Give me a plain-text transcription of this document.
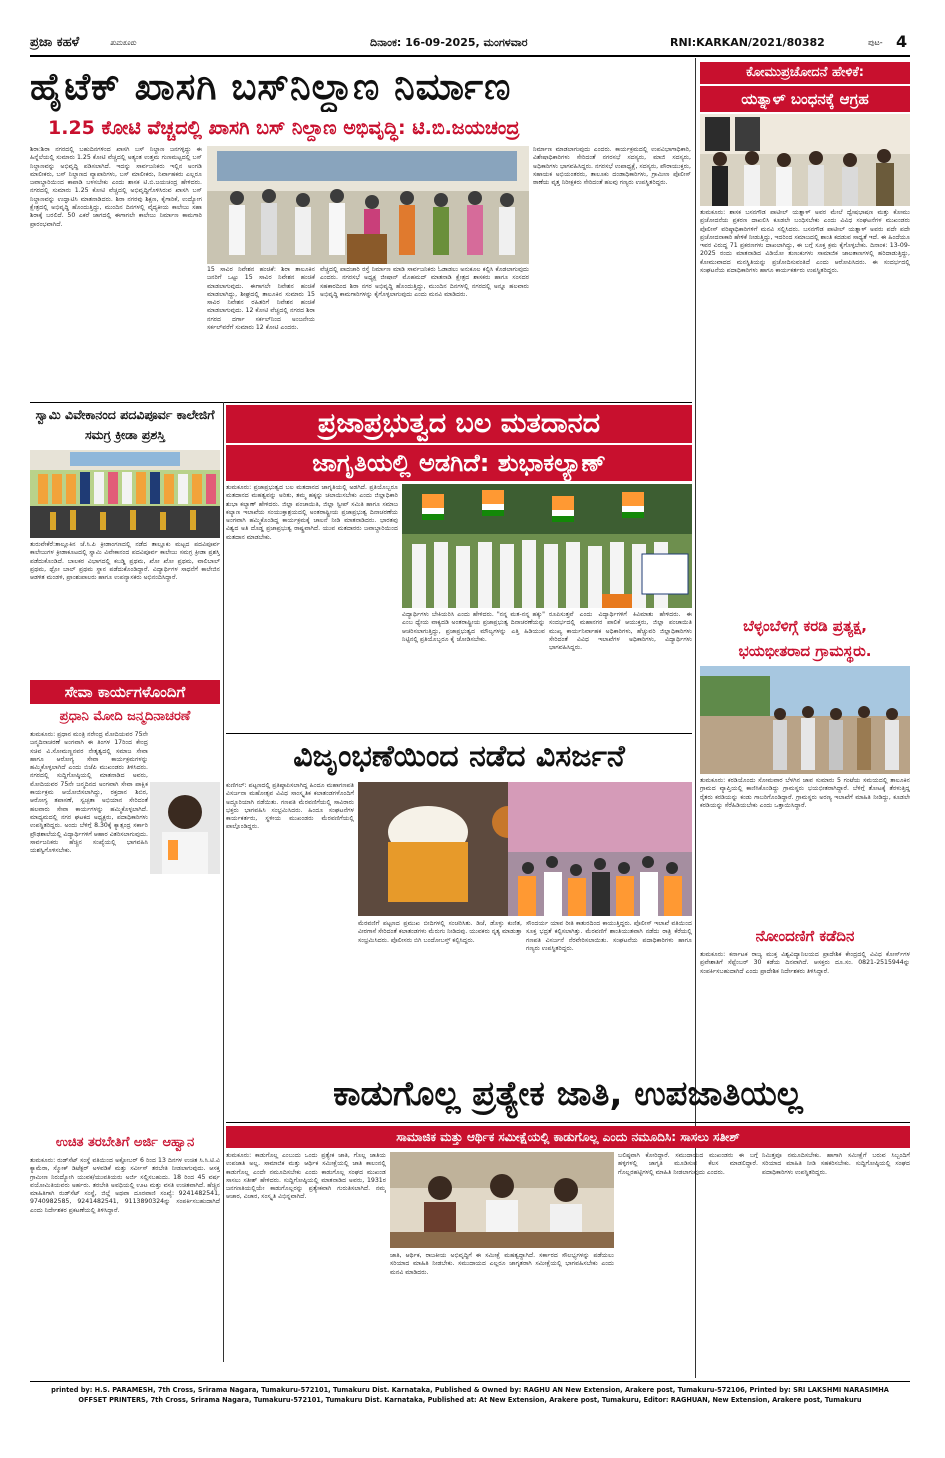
ಪ್ರಜಾ ಕಹಳೆ	ತುಮಕೂರು	ದಿನಾಂಕ: 16-09-2025, ಮಂಗಳವಾರ	RNI:KARKAN/2021/80382	ಪುಟ- 4
ಹೈಟೆಕ್ ಖಾಸಗಿ ಬಸ್‌ನಿಲ್ದಾಣ ನಿರ್ಮಾಣ
1.25 ಕೋಟಿ ವೆಚ್ಚದಲ್ಲಿ ಖಾಸಗಿ ಬಸ್ ನಿಲ್ದಾಣ ಅಭಿವೃದ್ಧಿ: ಟಿ.ಬಿ.ಜಯಚಂದ್ರ
ಶಿರಾ:ಶಿರಾ ನಗರದಲ್ಲಿ ಬಹುದಿನಗಳಿಂದ ಖಾಸಗಿ ಬಸ್ ನಿಲ್ದಾಣ ಜನಗಳ್ಳಿದ್ದು ಈ ಹಿನ್ನೆಲೆಯಲ್ಲಿ ಸುಮಾರು 1.25 ಕೋಟಿ ವೆಚ್ಚದಲ್ಲಿ ಅತ್ಯಂತ ಉತ್ತಮ ಗುಣಮಟ್ಟದಲ್ಲಿ ಬಸ್ ನಿಲ್ದಾಣವನ್ನು ಅಭಿವೃದ್ಧಿ ಪಡಿಸಲಾಗಿದೆ. ಇದನ್ನು ಸಾರ್ವಜನಿಕರು ಇಲ್ಲಿನ ಅಂಗಡಿ ಮಾಲೀಕರು, ಬಸ್ ನಿಲ್ದಾಣದ ವ್ಯಾಪಾರಿಗಳು, ಬಸ್ ಮಾಲೀಕರು, ನಿರ್ವಾಹಕರು ಎಲ್ಲರೂ ಜವಾಬ್ದಾರಿಯಿಂದ ಕಾಪಾಡಿ ಬಳಸಬೇಕು ಎಂದು ಶಾಸಕ ಟಿ.ಬಿ.ಜಯಚಂದ್ರ ಹೇಳಿದರು. ನಗರದಲ್ಲಿ ಸುಮಾರು 1.25 ಕೋಟಿ ವೆಚ್ಚದಲ್ಲಿ ಅಭಿವೃದ್ಧಿಗೊಳಿಸಿರುವ ಖಾಸಗಿ ಬಸ್ ನಿಲ್ದಾಣವನ್ನು ಉದ್ಘಾಟಿಸಿ ಮಾತನಾಡಿದರು. ಶಿರಾ ನಗರವು ಶಿಕ್ಷಣ, ಕೈಗಾರಿಕೆ, ಉದ್ಯೋಗ ಕ್ಷೇತ್ರದಲ್ಲಿ ಅಭಿವೃದ್ಧಿ ಹೊಂದುತ್ತಿದ್ದು, ಮುಂದಿನ ದಿನಗಳಲ್ಲಿ ವೈದ್ಯಕೀಯ ಕಾಲೇಜು ಸಹಾ ಶಿರಾಕ್ಕೆ ಬರಲಿದೆ. 50 ಎಕರೆ ಜಾಗದಲ್ಲಿ ಈಗಾಗಲೇ ಕಾಲೇಜು ನಿರ್ಮಾಣ ಕಾಮಗಾರಿ ಪ್ರಾರಂಭವಾಗಿದೆ.
15 ಸಾವಿರ ನಿವೇಶನ ಹಂಚಿಕೆ: ಶಿರಾ ತಾಲೂಕಿನ ಜನರಿಗೆ ಒಟ್ಟು 15 ಸಾವಿರ ನಿವೇಶನ ಹಂಚಿಕೆ ಮಾಡಲಾಗುವುದು. ಈಗಾಗಲೇ ನಿವೇಶನ ಹಂಚಿಕೆ ಮಾಡಲಾಗಿದ್ದು, ಶೀಘ್ರದಲ್ಲಿ ತಾಲೂಕಿನ ಸುಮಾರು 15 ಸಾವಿರ ನಿವೇಶನ ರಹಿತರಿಗೆ ನಿವೇಶನ ಹಂಚಿಕೆ ಮಾಡಲಾಗುವುದು. 12 ಕೋಟಿ ವೆಚ್ಚದಲ್ಲಿ ನಗರದ ಶಿರಾ ನಗರದ ದರ್ಗಾ ಸರ್ಕಲ್‌ನಿಂದ ಅಂಜನೇಯ ಸರ್ಕಲ್‌ವರೆಗೆ ಸುಮಾರು 12 ಕೋಟಿ ಎಂದರು.
ವೆಚ್ಚದಲ್ಲಿ ಪಾದಚಾರಿ ರಸ್ತೆ ನಿರ್ಮಾಣ ಮಾಡಿ ಸಾರ್ವಜನಿಕರು ಓಡಾಡಲು ಅನುಕೂಲ ಕಲ್ಪಿಸಿ ಕೊಡಲಾಗುವುದು ಎಂದರು. ನಗರಸಭೆ ಅಧ್ಯಕ್ಷ ಜೀಷಾನ್ ಮೊಹಮದ್ ಮಾತನಾಡಿ ಕ್ಷೇತ್ರದ ಶಾಸಕರು ಹಾಗೂ ಸಂಸದರ ಸಹಕಾರದಿಂದ ಶಿರಾ ನಗರ ಅಭಿವೃದ್ಧಿ ಹೊಂದುತ್ತಿದ್ದು, ಮುಂದಿನ ದಿನಗಳಲ್ಲಿ ನಗರದಲ್ಲಿ ಅನ್ನೂ ಹಲವಾರು ಅಭಿವೃದ್ಧಿ ಕಾಮಗಾರಿಗಳನ್ನು ಕೈಗೊಳ್ಳಲಾಗುವುದು ಎಂದು ಮನವಿ ಮಾಡಿದರು.
ನಿರ್ಮಾಣ ಮಾಡಲಾಗುವುದು ಎಂದರು. ಕಾರ್ಯಕ್ರಮದಲ್ಲಿ ಉಪವಿಭಾಗಾಧಿಕಾರಿ, ವಿಶೇಷಾಧಿಕಾರಿಗಳು ಸೇರಿದಂತೆ ನಗರಸಭೆ ಸದಸ್ಯರು, ಮಾಜಿ ಸದಸ್ಯರು, ಅಧಿಕಾರಿಗಳು ಭಾಗವಹಿಸಿದ್ದರು. ನಗರಸಭೆ ಉಪಾಧ್ಯಕ್ಷೆ, ಸದಸ್ಯರು, ಪೌರಾಯುಕ್ತರು, ಸಹಾಯಕ ಅಭಿಯಂತರರು, ತಾಲೂಕು ದಂಡಾಧಿಕಾರಿಗಳು, ಗ್ರಾಮೀಣ ಪೊಲೀಸ್ ಠಾಣೆಯ ವೃತ್ತ ನಿರೀಕ್ಷಕರು ಸೇರಿದಂತೆ ಹಲವು ಗಣ್ಯರು ಉಪಸ್ಥಿತರಿದ್ದರು.
ಕೋಮುಪ್ರಚೋದನೆ ಹೇಳಿಕೆ:
ಯತ್ನಾಳ್ ಬಂಧನಕ್ಕೆ ಆಗ್ರಹ
ತುಮಕೂರು: ಶಾಸಕ ಬಸನಗೌಡ ಪಾಟೀಲ್ ಯತ್ನಾಳ್ ಅವರ ಮೇಲೆ ದ್ವೇಷಭಾಷಣ ಮತ್ತು ಕೋಮು ಪ್ರಚೋದನೆಯ ಪ್ರಕರಣ ದಾಖಲಿಸಿ ಕೂಡಲೇ ಬಂಧಿಸಬೇಕು ಎಂದು ವಿವಿಧ ಸಂಘಟನೆಗಳ ಮುಖಂಡರು ಪೊಲೀಸ್ ವರಿಷ್ಠಾಧಿಕಾರಿಗಳಿಗೆ ಮನವಿ ಸಲ್ಲಿಸಿದರು. ಬಸನಗೌಡ ಪಾಟೀಲ್ ಯತ್ನಾಳ್ ಅವರು ಪದೇ ಪದೇ ಪ್ರಚೋದನಾಕಾರಿ ಹೇಳಿಕೆ ನೀಡುತ್ತಿದ್ದು, ಇದರಿಂದ ಸಮಾಜದಲ್ಲಿ ಶಾಂತಿ ಕದಡುವ ಸಾಧ್ಯತೆ ಇದೆ. ಈ ಹಿಂದೆಯೂ ಇವರ ವಿರುದ್ಧ 71 ಪ್ರಕರಣಗಳು ದಾಖಲಾಗಿದ್ದು, ಈ ಬಗ್ಗೆ ಸೂಕ್ತ ಕ್ರಮ ಕೈಗೊಳ್ಳಬೇಕು. ದಿನಾಂಕ: 13-09-2025 ರಂದು ಮಾತನಾಡಿದ ವಿಡಿಯೋ ತುಣುಕುಗಳು ಸಾಮಾಜಿಕ ಜಾಲತಾಣಗಳಲ್ಲಿ ಹರಿದಾಡುತ್ತಿದ್ದು, ಕೋಮುವಾದದ ಮನಸ್ಥಿತಿಯನ್ನು ಪ್ರಚೋದಿಸುವಂತಿದೆ ಎಂದು ಆರೋಪಿಸಿದರು. ಈ ಸಂದರ್ಭದಲ್ಲಿ ಸಂಘಟನೆಯ ಪದಾಧಿಕಾರಿಗಳು ಹಾಗೂ ಕಾರ್ಯಕರ್ತರು ಉಪಸ್ಥಿತರಿದ್ದರು.
ಸ್ವಾಮಿ ವಿವೇಕಾನಂದ ಪದವಿಪೂರ್ವ ಕಾಲೇಜಿಗೆ ಸಮಗ್ರ ಕ್ರೀಡಾ ಪ್ರಶಸ್ತಿ
ತುರುವೇಕೆರೆ:ತಾಲ್ಲೂಕಿನ ಜೆ.ಸಿ.ಪಿ ಕ್ರೀಡಾಂಗಣದಲ್ಲಿ ನಡೆದ ತಾಲ್ಲೂಕು ಮಟ್ಟದ ಪದವಿಪೂರ್ವ ಕಾಲೇಜುಗಳ ಕ್ರೀಡಾಕೂಟದಲ್ಲಿ ಸ್ವಾಮಿ ವಿವೇಕಾನಂದ ಪದವಿಪೂರ್ವ ಕಾಲೇಜು ಸಮಗ್ರ ಕ್ರೀಡಾ ಪ್ರಶಸ್ತಿ ಪಡೆದುಕೊಂಡಿದೆ. ಬಾಲಕರ ವಿಭಾಗದಲ್ಲಿ ಕಬಡ್ಡಿ ಪ್ರಥಮ, ಖೋ ಖೋ ಪ್ರಥಮ, ವಾಲಿಬಾಲ್ ಪ್ರಥಮ, ಥ್ರೋ ಬಾಲ್ ಪ್ರಥಮ ಸ್ಥಾನ ಪಡೆದುಕೊಂಡಿದ್ದಾರೆ. ವಿದ್ಯಾರ್ಥಿಗಳ ಸಾಧನೆಗೆ ಕಾಲೇಜಿನ ಆಡಳಿತ ಮಂಡಳಿ, ಪ್ರಾಂಶುಪಾಲರು ಹಾಗೂ ಉಪನ್ಯಾಸಕರು ಅಭಿನಂದಿಸಿದ್ದಾರೆ.
ಪ್ರಜಾಪ್ರಭುತ್ವದ ಬಲ ಮತದಾನದ
ಜಾಗೃತಿಯಲ್ಲಿ ಅಡಗಿದೆ: ಶುಭಾಕಲ್ಯಾಣ್
ತುಮಕೂರು: ಪ್ರಜಾಪ್ರಭುತ್ವದ ಬಲ ಮತದಾನದ ಜಾಗೃತಿಯಲ್ಲಿ ಅಡಗಿದೆ. ಪ್ರತಿಯೊಬ್ಬರೂ ಮತದಾನದ ಮಹತ್ವವನ್ನು ಅರಿತು, ತಮ್ಮ ಹಕ್ಕನ್ನು ಚಲಾಯಿಸಬೇಕು ಎಂದು ಜಿಲ್ಲಾಧಿಕಾರಿ ಶುಭಾ ಕಲ್ಯಾಣ್ ಹೇಳಿದರು. ಜಿಲ್ಲಾ ಪಂಚಾಯಿತಿ, ಜಿಲ್ಲಾ ಸ್ವೀಪ್ ಸಮಿತಿ ಹಾಗೂ ಸಮಾಜ ಕಲ್ಯಾಣ ಇಲಾಖೆಯ ಸಂಯುಕ್ತಾಶ್ರಯದಲ್ಲಿ ಅಂತರಾಷ್ಟ್ರೀಯ ಪ್ರಜಾಪ್ರಭುತ್ವ ದಿನಾಚರಣೆಯ ಅಂಗವಾಗಿ ಹಮ್ಮಿಕೊಂಡಿದ್ದ ಕಾರ್ಯಕ್ರಮಕ್ಕೆ ಚಾಲನೆ ನೀಡಿ ಮಾತನಾಡಿದರು. ಭಾರತವು ವಿಶ್ವದ ಅತಿ ದೊಡ್ಡ ಪ್ರಜಾಪ್ರಭುತ್ವ ರಾಷ್ಟ್ರವಾಗಿದೆ. ಯುವ ಮತದಾರರು ಜವಾಬ್ದಾರಿಯಿಂದ ಮತದಾನ ಮಾಡಬೇಕು.
ವಿದ್ಯಾರ್ಥಿಗಳು ಬೇಕಿಯರಿಸಿ ಎಂದು ಹೇಳಿದರು. "ನನ್ನ ಮತ-ನನ್ನ ಹಕ್ಕು" ಎಂಬ ಧ್ಯೇಯ ವಾಕ್ಯದಡಿ ಅಂತರಾಷ್ಟ್ರೀಯ ಪ್ರಜಾಪ್ರಭುತ್ವ ದಿನಾಚರಣೆಯನ್ನು ಆಚರಿಸಲಾಗುತ್ತಿದ್ದು, ಪ್ರಜಾಪ್ರಭುತ್ವದ ಮೌಲ್ಯಗಳನ್ನು ಎತ್ತಿ ಹಿಡಿಯುವ ನಿಟ್ಟಿನಲ್ಲಿ ಪ್ರತಿಯೊಬ್ಬರೂ ಕೈ ಜೋಡಿಸಬೇಕು.
ರೂಪಿಸುತ್ತವೆ ಎಂದು ವಿದ್ಯಾರ್ಥಿಗಳಿಗೆ ಕಿವಿಮಾತು ಹೇಳಿದರು. ಈ ಸಂದರ್ಭದಲ್ಲಿ ಮಹಾನಗರ ಪಾಲಿಕೆ ಆಯುಕ್ತರು, ಜಿಲ್ಲಾ ಪಂಚಾಯಿತಿ ಮುಖ್ಯ ಕಾರ್ಯನಿರ್ವಾಹಕ ಅಧಿಕಾರಿಗಳು, ಹೆಚ್ಚುವರಿ ಜಿಲ್ಲಾಧಿಕಾರಿಗಳು ಸೇರಿದಂತೆ ವಿವಿಧ ಇಲಾಖೆಗಳ ಅಧಿಕಾರಿಗಳು, ವಿದ್ಯಾರ್ಥಿಗಳು ಭಾಗವಹಿಸಿದ್ದರು.
ಸೇವಾ ಕಾರ್ಯಗಳೊಂದಿಗೆ
ಪ್ರಧಾನಿ ಮೋದಿ ಜನ್ಮದಿನಾಚರಣೆ
ತುಮಕೂರು: ಪ್ರಧಾನ ಮಂತ್ರಿ ನರೇಂದ್ರ ಮೋದಿಯವರ 75ನೇ ಜನ್ಮದಿನಾಚರಣೆ ಅಂಗವಾಗಿ ಈ ತಿಂಗಳ 17ರಿಂದ ಕೇಂದ್ರ ಸಚಿವ ವಿ.ಸೋಮಣ್ಣನವರ ನೇತೃತ್ವದಲ್ಲಿ ಸಮಾಜ ಸೇವಾ ಹಾಗೂ ಆರೋಗ್ಯ ಸೇವಾ ಕಾರ್ಯಕ್ರಮಗಳನ್ನು ಹಮ್ಮಿಕೊಳ್ಳಲಾಗಿದೆ ಎಂದು ಬಿಜೆಪಿ ಮುಖಂಡರು ತಿಳಿಸಿದರು. ನಗರದಲ್ಲಿ ಸುದ್ದಿಗೋಷ್ಠಿಯಲ್ಲಿ ಮಾತನಾಡಿದ ಅವರು, ಮೋದಿಯವರ 75ನೇ ಜನ್ಮದಿನದ ಅಂಗವಾಗಿ ಸೇವಾ ಪಾಕ್ಷಿಕ ಕಾರ್ಯಕ್ರಮ ಆಯೋಜಿಸಲಾಗಿದ್ದು, ರಕ್ತದಾನ ಶಿಬಿರ, ಆರೋಗ್ಯ ತಪಾಸಣೆ, ಸ್ವಚ್ಛತಾ ಅಭಿಯಾನ ಸೇರಿದಂತೆ ಹಲವಾರು ಸೇವಾ ಕಾರ್ಯಗಳನ್ನು ಹಮ್ಮಿಕೊಳ್ಳಲಾಗಿದೆ. ಮಾಧ್ಯಮದಲ್ಲಿ ನಗರ ಘಟಕದ ಅಧ್ಯಕ್ಷರು, ಪದಾಧಿಕಾರಿಗಳು ಉಪಸ್ಥಿತರಿದ್ದರು. ಅಂದು ಬೆಳಿಗ್ಗೆ 8.30ಕ್ಕೆ ಕ್ಯಾತ್ಸಂದ್ರ ಸರ್ಕಾರಿ ಪ್ರೌಢಶಾಲೆಯಲ್ಲಿ ವಿದ್ಯಾರ್ಥಿಗಳಿಗೆ ಆಹಾರ ವಿತರಿಸಲಾಗುವುದು. ಸಾರ್ವಜನಿಕರು ಹೆಚ್ಚಿನ ಸಂಖ್ಯೆಯಲ್ಲಿ ಭಾಗವಹಿಸಿ ಯಶಸ್ವಿಗೊಳಿಸಬೇಕು.
ಉಚಿತ ತರಬೇತಿಗೆ ಅರ್ಜಿ ಆಹ್ವಾನ
ತುಮಕೂರು: ರುಡ್‌ಸೆಟ್ ಸಂಸ್ಥೆ ವತಿಯಿಂದ ಅಕ್ಟೋಬರ್ 6 ರಿಂದ 13 ದಿನಗಳ ಉಚಿತ ಸಿ.ಸಿ.ಟಿ.ವಿ ಕ್ಯಾಮೆರಾ, ಸ್ಮೋಕ್ ಡಿಟೆಕ್ಟರ್ ಅಳವಡಿಕೆ ಮತ್ತು ಸರ್ವೀಸ್ ತರಬೇತಿ ನೀಡಲಾಗುವುದು. ಆಸಕ್ತ ಗ್ರಾಮೀಣ ನಿರುದ್ಯೋಗಿ ಯುವಕ/ಯುವತಿಯರು ಅರ್ಜಿ ಸಲ್ಲಿಸಬಹುದು. 18 ರಿಂದ 45 ವರ್ಷ ವಯೋಮಿತಿಯವರು ಅರ್ಹರು. ತರಬೇತಿ ಅವಧಿಯಲ್ಲಿ ಊಟ ಮತ್ತು ವಸತಿ ಉಚಿತವಾಗಿದೆ. ಹೆಚ್ಚಿನ ಮಾಹಿತಿಗಾಗಿ ರುಡ್‌ಸೆಟ್ ಸಂಸ್ಥೆ, ಜಿಲ್ಲೆ ಅಥವಾ ದೂರವಾಣಿ ಸಂಖ್ಯೆ: 9241482541, 9740982585, 9241482541, 9113890324ನ್ನು ಸಂಪರ್ಕಿಸಬಹುದಾಗಿದೆ ಎಂದು ನಿರ್ದೇಶಕರ ಪ್ರಕಟಣೆಯಲ್ಲಿ ತಿಳಿಸಿದ್ದಾರೆ.
ವಿಜೃಂಭಣೆಯಿಂದ ನಡೆದ ವಿಸರ್ಜನೆ
ಕುಣಿಗಲ್: ಪಟ್ಟಣದಲ್ಲಿ ಪ್ರತಿಷ್ಠಾಪಿಸಲಾಗಿದ್ದ ಹಿಂದೂ ಮಹಾಗಣಪತಿ ವಿಸರ್ಜನಾ ಮಹೋತ್ಸವ ವಿವಿಧ ಸಾಂಸ್ಕೃತಿಕ ಕಲಾತಂಡಗಳೊಂದಿಗೆ ಅದ್ದೂರಿಯಾಗಿ ನಡೆಯಿತು. ಗಣಪತಿ ಮೆರವಣಿಗೆಯಲ್ಲಿ ಸಾವಿರಾರು ಭಕ್ತರು ಭಾಗವಹಿಸಿ ಸಂಭ್ರಮಿಸಿದರು. ಹಿಂದೂ ಸಂಘಟನೆಗಳ ಕಾರ್ಯಕರ್ತರು, ಸ್ಥಳೀಯ ಮುಖಂಡರು ಮೆರವಣಿಗೆಯಲ್ಲಿ ಪಾಲ್ಗೊಂಡಿದ್ದರು.
ಮೆರವಣಿಗೆ ಪಟ್ಟಣದ ಪ್ರಮುಖ ಬೀದಿಗಳಲ್ಲಿ ಸಂಚರಿಸಿತು. ಡಿಜೆ, ಡೊಳ್ಳು ಕುಣಿತ, ವೀರಗಾಸೆ ಸೇರಿದಂತೆ ಕಲಾತಂಡಗಳು ಮೆರುಗು ನೀಡಿದವು. ಯುವಕರು ನೃತ್ಯ ಮಾಡುತ್ತಾ ಸಂಭ್ರಮಿಸಿದರು. ಪೊಲೀಸರು ಬಿಗಿ ಬಂದೋಬಸ್ತ್ ಕಲ್ಪಿಸಿದ್ದರು.
ಸೌಂದರ್ಯ ಯಾವ ರೀತಿ ಕಾತುರದಿಂದ ಕಾಯುತ್ತಿದ್ದರು. ಪೊಲೀಸ್ ಇಲಾಖೆ ವತಿಯಿಂದ ಸೂಕ್ತ ಭದ್ರತೆ ಕಲ್ಪಿಸಲಾಗಿತ್ತು. ಮೆರವಣಿಗೆ ಶಾಂತಿಯುತವಾಗಿ ನಡೆದು ರಾತ್ರಿ ಕೆರೆಯಲ್ಲಿ ಗಣಪತಿ ವಿಸರ್ಜನೆ ನೆರವೇರಿಸಲಾಯಿತು. ಸಂಘಟನೆಯ ಪದಾಧಿಕಾರಿಗಳು ಹಾಗೂ ಗಣ್ಯರು ಉಪಸ್ಥಿತರಿದ್ದರು.
ಬೆಳ್ಳಂಬೆಳಿಗ್ಗೆ ಕರಡಿ ಪ್ರತ್ಯಕ್ಷ,
ಭಯಭೀತರಾದ ಗ್ರಾಮಸ್ಥರು.
ತುಮಕೂರು: ಕರಡಿಯೊಂದು ಸೋಮವಾರ ಬೆಳಗಿನ ಜಾವ ಸುಮಾರು 5 ಗಂಟೆಯ ಸಮಯದಲ್ಲಿ ತಾಲೂಕಿನ ಗ್ರಾಮದ ವ್ಯಾಪ್ತಿಯಲ್ಲಿ ಕಾಣಿಸಿಕೊಂಡಿದ್ದು ಗ್ರಾಮಸ್ಥರು ಭಯಭೀತರಾಗಿದ್ದಾರೆ. ಬೆಳಿಗ್ಗೆ ತೋಟಕ್ಕೆ ತೆರಳುತ್ತಿದ್ದ ರೈತರು ಕರಡಿಯನ್ನು ಕಂಡು ಗಾಬರಿಗೊಂಡಿದ್ದಾರೆ. ಗ್ರಾಮಸ್ಥರು ಅರಣ್ಯ ಇಲಾಖೆಗೆ ಮಾಹಿತಿ ನೀಡಿದ್ದು, ಕೂಡಲೇ ಕರಡಿಯನ್ನು ಸೆರೆಹಿಡಿಯಬೇಕು ಎಂದು ಒತ್ತಾಯಿಸಿದ್ದಾರೆ.
ನೋಂದಣಿಗೆ ಕಡೆದಿನ
ತುಮಕೂರು: ಕರ್ನಾಟಕ ರಾಜ್ಯ ಮುಕ್ತ ವಿಶ್ವವಿದ್ಯಾನಿಲಯದ ಪ್ರಾದೇಶಿಕ ಕೇಂದ್ರದಲ್ಲಿ ವಿವಿಧ ಕೋರ್ಸ್‌ಗಳ ಪ್ರವೇಶಾತಿಗೆ ಸೆಪ್ಟೆಂಬರ್ 30 ಕಡೆಯ ದಿನವಾಗಿದೆ. ಆಸಕ್ತರು ದೂ.ಸಂ. 0821-2515944ನ್ನು ಸಂಪರ್ಕಿಸಬಹುದಾಗಿದೆ ಎಂದು ಪ್ರಾದೇಶಿಕ ನಿರ್ದೇಶಕರು ತಿಳಿಸಿದ್ದಾರೆ.
ಕಾಡುಗೊಲ್ಲ ಪ್ರತ್ಯೇಕ ಜಾತಿ, ಉಪಜಾತಿಯಲ್ಲ
ಸಾಮಾಜಿಕ ಮತ್ತು ಆರ್ಥಿಕ ಸಮೀಕ್ಷೆಯಲ್ಲಿ ಕಾಡುಗೊಲ್ಲ ಎಂದು ನಮೂದಿಸಿ: ಸಾಸಲು ಸತೀಶ್
ತುಮಕೂರು: ಕಾಡುಗೊಲ್ಲ ಎಂಬುದು ಒಂದು ಪ್ರತ್ಯೇಕ ಜಾತಿ, ಗೊಲ್ಲ ಜಾತಿಯ ಉಪಜಾತಿ ಅಲ್ಲ. ಸಾಮಾಜಿಕ ಮತ್ತು ಆರ್ಥಿಕ ಸಮೀಕ್ಷೆಯಲ್ಲಿ ಜಾತಿ ಕಾಲಂನಲ್ಲಿ ಕಾಡುಗೊಲ್ಲ ಎಂದೇ ನಮೂದಿಸಬೇಕು ಎಂದು ಕಾಡುಗೊಲ್ಲ ಸಂಘದ ಮುಖಂಡ ಸಾಸಲು ಸತೀಶ್ ಹೇಳಿದರು. ಸುದ್ದಿಗೋಷ್ಠಿಯಲ್ಲಿ ಮಾತನಾಡಿದ ಅವರು, 1931ರ ಜನಗಣತಿಯಲ್ಲಿಯೇ ಕಾಡುಗೊಲ್ಲರನ್ನು ಪ್ರತ್ಯೇಕವಾಗಿ ಗುರುತಿಸಲಾಗಿದೆ. ನಮ್ಮ ಆಚಾರ, ವಿಚಾರ, ಸಂಸ್ಕೃತಿ ವಿಭಿನ್ನವಾಗಿದೆ.
ಜಾತಿ, ಆರ್ಥಿಕ, ರಾಜಕೀಯ ಅಭಿವೃದ್ಧಿಗೆ ಈ ಸಮೀಕ್ಷೆ ಮಹತ್ವದ್ದಾಗಿದೆ. ಸರ್ಕಾರದ ಸೌಲಭ್ಯಗಳನ್ನು ಪಡೆಯಲು ಸರಿಯಾದ ಮಾಹಿತಿ ನೀಡಬೇಕು. ಸಮುದಾಯದ ಎಲ್ಲರೂ ಜಾಗೃತರಾಗಿ ಸಮೀಕ್ಷೆಯಲ್ಲಿ ಭಾಗವಹಿಸಬೇಕು ಎಂದು ಮನವಿ ಮಾಡಿದರು.
ಬಲಿಷ್ಠವಾಗಿ ಕೋರಿದ್ದಾರೆ. ಸಮುದಾಯದ ಮುಖಂಡರು ಈ ಬಗ್ಗೆ ಹಳ್ಳಿಗಳಲ್ಲಿ ಜಾಗೃತಿ ಮೂಡಿಸುವ ಕೆಲಸ ಮಾಡಲಿದ್ದಾರೆ. ಗೊಲ್ಲರಹಟ್ಟಿಗಳಲ್ಲಿ ಮಾಹಿತಿ ನೀಡಲಾಗುವುದು ಎಂದರು.
ನಿಮಿತ್ತವೂ ನಮೂದಿಸಬೇಕು. ಹಾಗಾಗಿ ಸಮೀಕ್ಷೆಗೆ ಬರುವ ಸಿಬ್ಬಂದಿಗೆ ಸರಿಯಾದ ಮಾಹಿತಿ ನೀಡಿ ಸಹಕರಿಸಬೇಕು. ಸುದ್ದಿಗೋಷ್ಠಿಯಲ್ಲಿ ಸಂಘದ ಪದಾಧಿಕಾರಿಗಳು ಉಪಸ್ಥಿತರಿದ್ದರು.
printed by: H.S. PARAMESH, 7th Cross, Srirama Nagara, Tumakuru-572101, Tumakuru Dist. Karnataka, Published & Owned by: RAGHU AN New Extension, Arakere post, Tumakuru-572106, Printed by: SRI LAKSHMI NARASIMHA
OFFSET PRINTERS, 7th Cross, Srirama Nagara, Tumakuru-572101, Tumakuru Dist. Karnataka, Published at: At New Extension, Arakere post, Tumakuru, Editor: RAGHUAN, New Extension, Arakere post, Tumakuru
